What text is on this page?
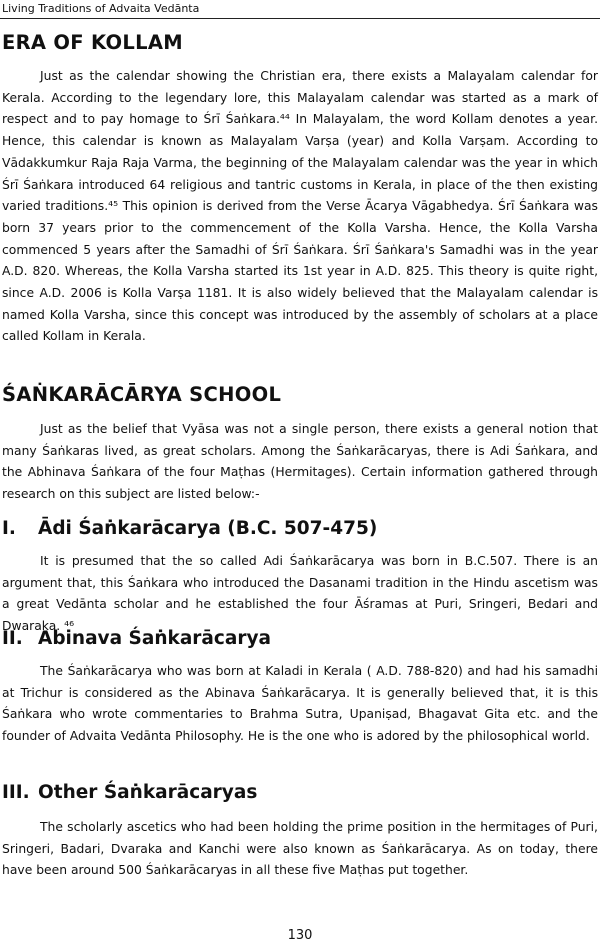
Living Traditions of Advaita Vedānta
ERA OF KOLLAM

Just as the calendar showing the Christian era, there exists a Malayalam calendar for Kerala. According to the legendary lore, this Malayalam calendar was started as a mark of respect and to pay homage to Śrī Śaṅkara.⁴⁴ In Malayalam, the word Kollam denotes a year. Hence, this calendar is known as Malayalam Varṣa (year) and Kolla Varṣam. According to Vādakkumkur Raja Raja Varma, the beginning of the Malayalam calendar was the year in which Śrī Śaṅkara introduced 64 religious and tantric customs in Kerala, in place of the then existing varied traditions.⁴⁵ This opinion is derived from the Verse Ācarya Vāgabhedya. Śrī Śaṅkara was born 37 years prior to the commencement of the Kolla Varsha. Hence, the Kolla Varsha commenced 5 years after the Samadhi of Śrī Śaṅkara. Śrī Śaṅkara's Samadhi was in the year A.D. 820. Whereas, the Kolla Varsha started its 1st year in A.D. 825. This theory is quite right, since A.D. 2006 is Kolla Varṣa 1181. It is also widely believed that the Malayalam calendar is named Kolla Varsha, since this concept was introduced by the assembly of scholars at a place called Kollam in Kerala.

ŚAṄKARĀCĀRYA SCHOOL

Just as the belief that Vyāsa was not a single person, there exists a general notion that many Śaṅkaras lived, as great scholars. Among the Śaṅkarācaryas, there is Adi Śaṅkara, and the Abhinava Śaṅkara of the four Maṭhas (Hermitages). Certain information gathered through research on this subject are listed below:-

I. Ādi Śaṅkarācarya (B.C. 507-475)

It is presumed that the so called Adi Śaṅkarācarya was born in B.C.507. There is an argument that, this Śaṅkara who introduced the Dasanami tradition in the Hindu ascetism was a great Vedānta scholar and he established the four Āśramas at Puri, Sringeri, Bedari and Dwaraka. ⁴⁶

II. Abinava Śaṅkarācarya

The Śaṅkarācarya who was born at Kaladi in Kerala ( A.D. 788-820) and had his samadhi at Trichur is considered as the Abinava Śaṅkarācarya. It is generally believed that, it is this Śaṅkara who wrote commentaries to Brahma Sutra, Upaniṣad, Bhagavat Gita etc. and the founder of Advaita Vedānta Philosophy. He is the one who is adored by the philosophical world.

III. Other Śaṅkarācaryas

The scholarly ascetics who had been holding the prime position in the hermitages of Puri, Sringeri, Badari, Dvaraka and Kanchi were also known as Śaṅkarācarya. As on today, there have been around 500 Śaṅkarācaryas in all these five Maṭhas put together.

130
